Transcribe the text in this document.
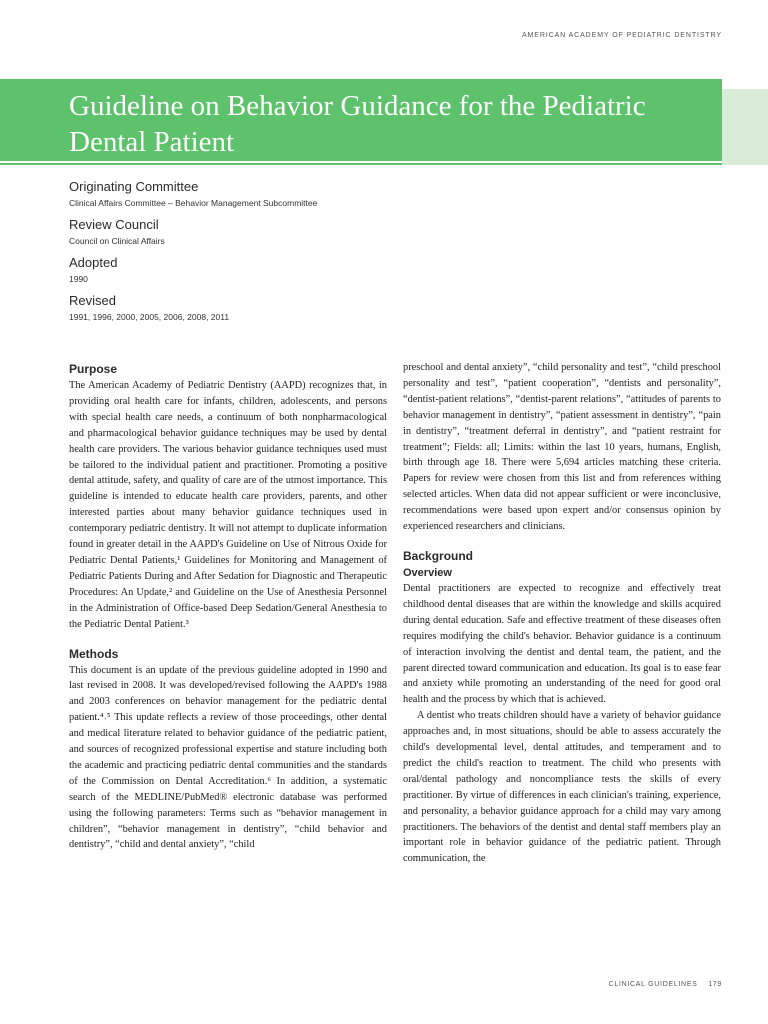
AMERICAN ACADEMY OF PEDIATRIC DENTISTRY
Guideline on Behavior Guidance for the Pediatric
Dental Patient
Originating Committee
Clinical Affairs Committee – Behavior Management Subcommittee
Review Council
Council on Clinical Affairs
Adopted
1990
Revised
1991, 1996, 2000, 2005, 2006, 2008, 2011
Purpose

The American Academy of Pediatric Dentistry (AAPD) recognizes that, in providing oral health care for infants, children, adolescents, and persons with special health care needs, a continuum of both nonpharmacological and pharmacological behavior guidance techniques may be used by dental health care providers. The various behavior guidance techniques used must be tailored to the individual patient and practitioner. Promoting a positive dental attitude, safety, and quality of care are of the utmost importance. This guideline is intended to educate health care providers, parents, and other interested parties about many behavior guidance techniques used in contemporary pediatric dentistry. It will not attempt to duplicate information found in greater detail in the AAPD's Guideline on Use of Nitrous Oxide for Pediatric Dental Patients,¹ Guidelines for Monitoring and Management of Pediatric Patients During and After Sedation for Diagnostic and Therapeutic Procedures: An Update,² and Guideline on the Use of Anesthesia Personnel in the Administration of Office-based Deep Sedation/General Anesthesia to the Pediatric Dental Patient.³

Methods

This document is an update of the previous guideline adopted in 1990 and last revised in 2008. It was developed/revised following the AAPD's 1988 and 2003 conferences on behavior management for the pediatric dental patient.⁴˒⁵ This update reflects a review of those proceedings, other dental and medical literature related to behavior guidance of the pediatric patient, and sources of recognized professional expertise and stature including both the academic and practicing pediatric dental communities and the standards of the Commission on Dental Accreditation.⁶ In addition, a systematic search of the MEDLINE/PubMed® electronic database was performed using the following parameters: Terms such as “behavior management in children”, “behavior management in dentistry”, “child behavior and dentistry”, “child and dental anxiety”, “child

preschool and dental anxiety”, “child personality and test”, “child preschool personality and test”, “patient cooperation”, “dentists and personality”, “dentist-patient relations”, “dentist-parent relations”, “attitudes of parents to behavior management in dentistry”, “patient assessment in dentistry”, “pain in dentistry”, “treatment deferral in dentistry”, and “patient restraint for treatment”; Fields: all; Limits: within the last 10 years, humans, English, birth through age 18. There were 5,694 articles matching these criteria. Papers for review were chosen from this list and from references withing selected articles. When data did not appear sufficient or were inconclusive, recommendations were based upon expert and/or consensus opinion by experienced researchers and clinicians.

Background
Overview

Dental practitioners are expected to recognize and effectively treat childhood dental diseases that are within the knowledge and skills acquired during dental education. Safe and effective treatment of these diseases often requires modifying the child's behavior. Behavior guidance is a continuum of interaction involving the dentist and dental team, the patient, and the parent directed toward communication and education. Its goal is to ease fear and anxiety while promoting an understanding of the need for good oral health and the process by which that is achieved.

A dentist who treats children should have a variety of behavior guidance approaches and, in most situations, should be able to assess accurately the child's developmental level, dental attitudes, and temperament and to predict the child's reaction to treatment. The child who presents with oral/dental pathology and noncompliance tests the skills of every practitioner. By virtue of differences in each clinician's training, experience, and personality, a behavior guidance approach for a child may vary among practitioners. The behaviors of the dentist and dental staff members play an important role in behavior guidance of the pediatric patient. Through communication, the

CLINICAL GUIDELINES 179
